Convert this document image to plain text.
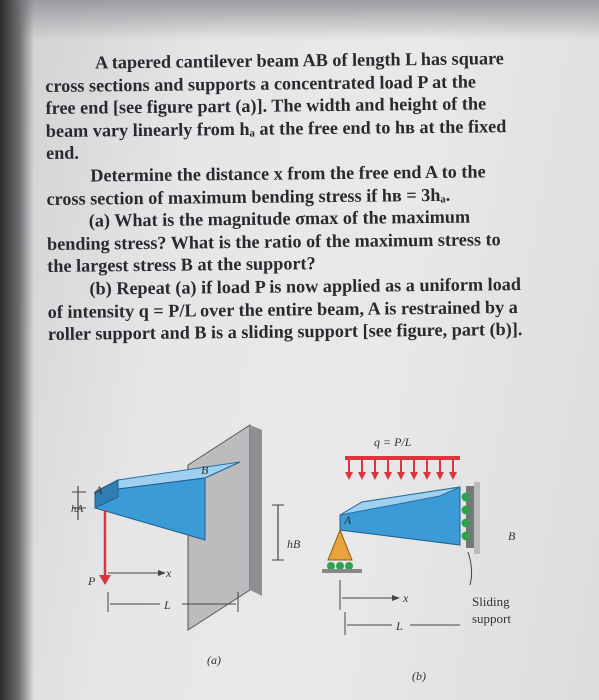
A tapered cantilever beam AB of length L has square
cross sections and supports a concentrated load P at the
free end [see figure part (a)]. The width and height of the
beam vary linearly from hₐ at the free end to hʙ at the fixed
end.
Determine the distance x from the free end A to the
cross section of maximum bending stress if hʙ = 3hₐ.
(a) What is the magnitude σmax of the maximum
bending stress? What is the ratio of the maximum stress to
the largest stress B at the support?
(b) Repeat (a) if load P is now applied as a uniform load
of intensity q = P/L over the entire beam, A is restrained by a
roller support and B is a sliding support [see figure, part (b)].
hA
A
B
hB
P
x
L
(a)
q = P/L
A
B
Sliding
support
x
L
(b)
